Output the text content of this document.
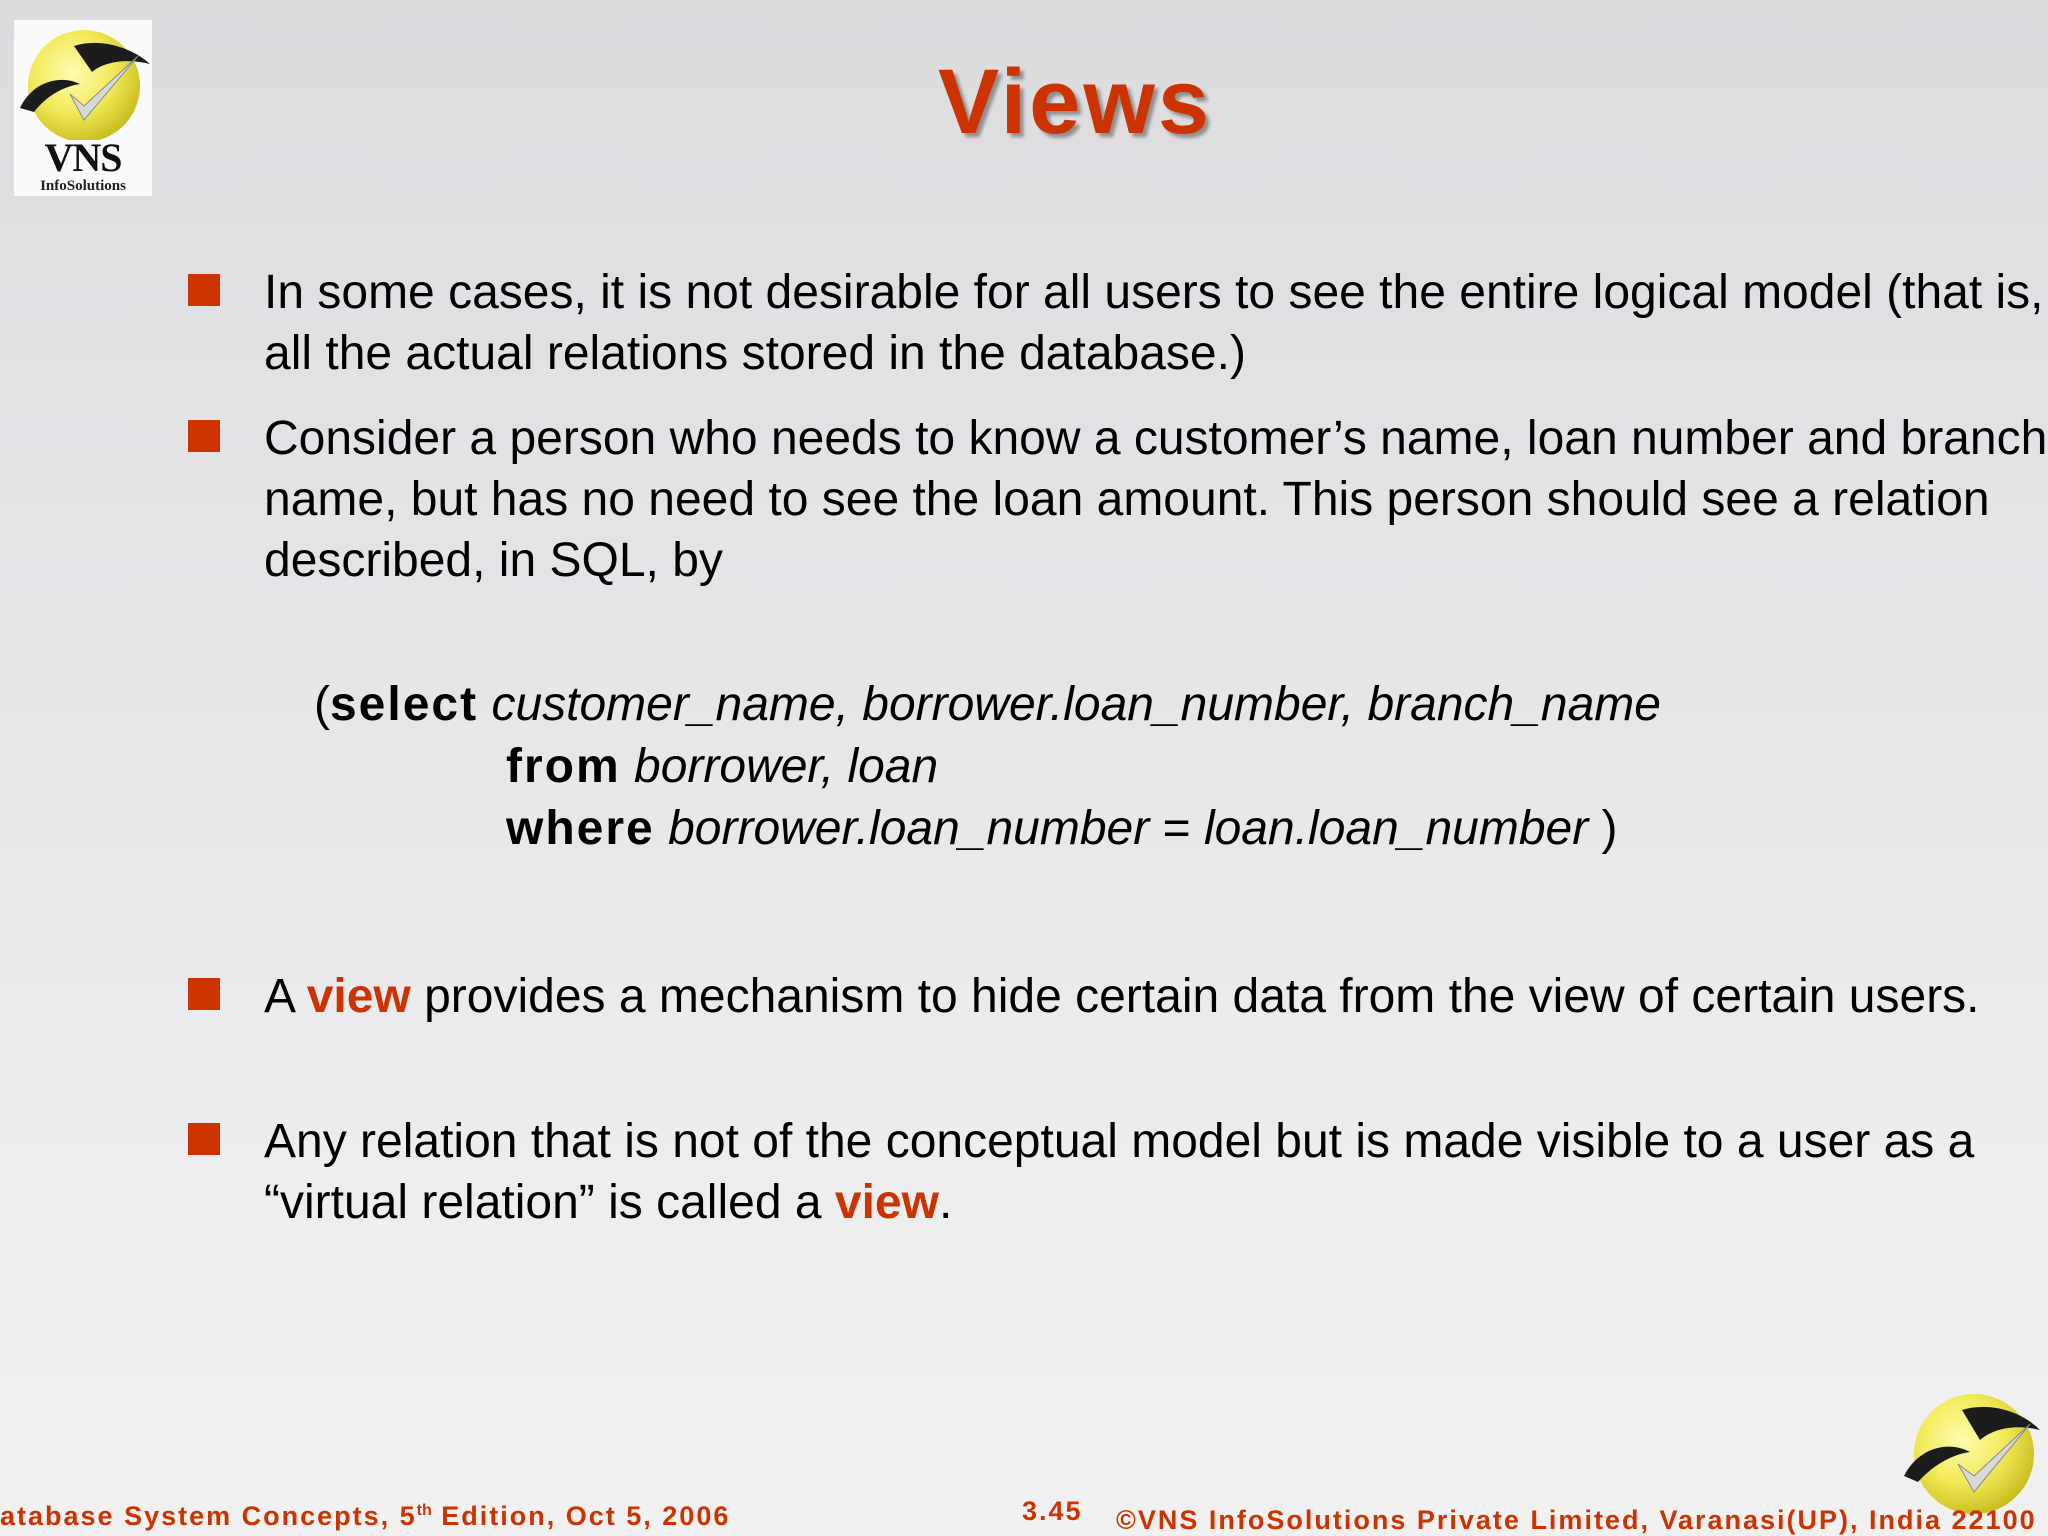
VNS
InfoSolutions
Views
In some cases, it is not desirable for all users to see the entire logical model (that is, all the actual relations stored in the database.)
Consider a person who needs to know a customer’s name, loan number and branch name, but has no need to see the loan amount. This person should see a relation described, in SQL, by
A view provides a mechanism to hide certain data from the view of certain users.
Any relation that is not of the conceptual model but is made visible to a user as a “virtual relation” is called a view.
(select customer_name, borrower.loan_number, branch_name
from borrower, loan
where borrower.loan_number = loan.loan_number )
atabase System Concepts, 5th Edition, Oct 5, 2006	3.45 ©VNS InfoSolutions Private Limited, Varanasi(UP), India 22100
